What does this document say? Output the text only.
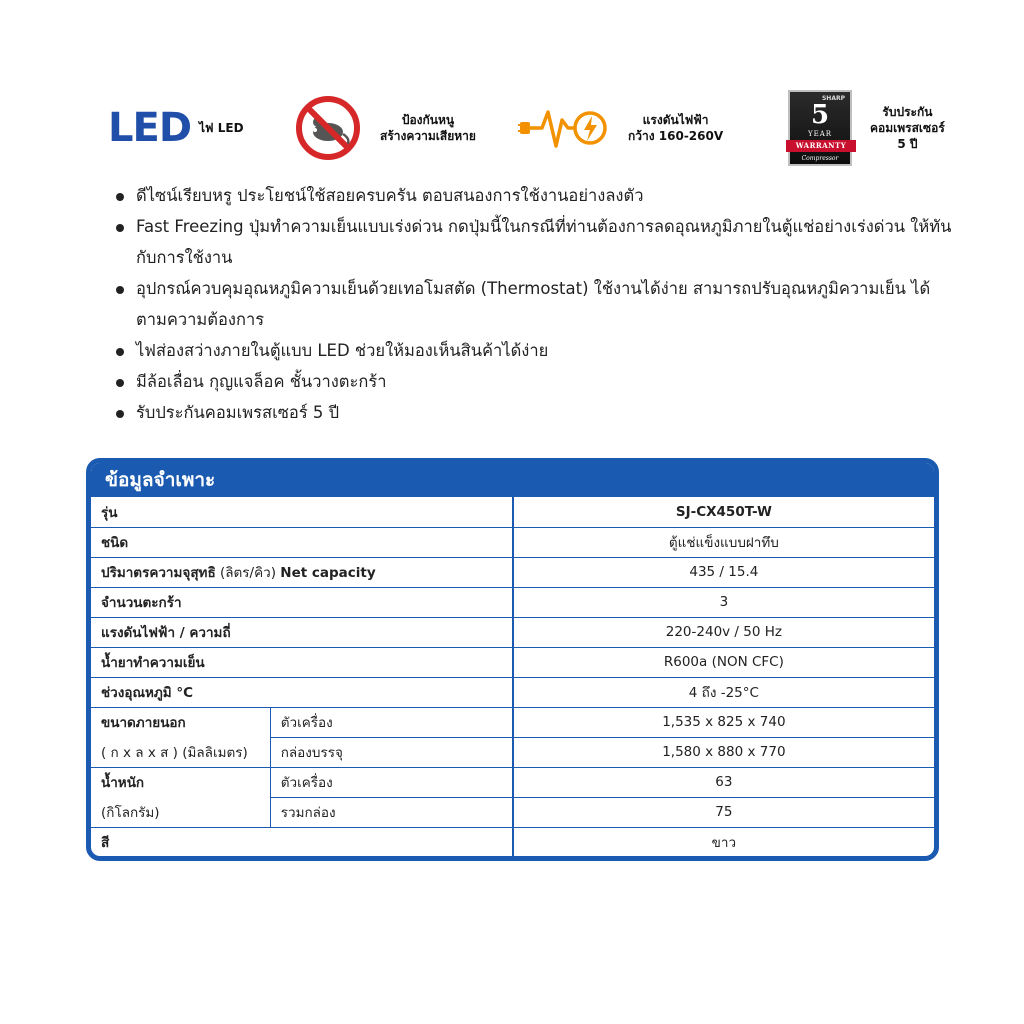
LED ไฟ LED
ป้องกันหนู
สร้างความเสียหาย
แรงดันไฟฟ้า
กว้าง 160-260V
SHARP
5
YEAR
WARRANTY
Compressor
รับประกัน
คอมเพรสเซอร์
5 ปี
ดีไซน์เรียบหรู ประโยชน์ใช้สอยครบครัน ตอบสนองการใช้งานอย่างลงตัว
Fast Freezing ปุ่มทำความเย็นแบบเร่งด่วน กดปุ่มนี้ในกรณีที่ท่านต้องการลดอุณหภูมิภายในตู้แช่อย่างเร่งด่วน ให้ทันกับการใช้งาน
อุปกรณ์ควบคุมอุณหภูมิความเย็นด้วยเทอโมสตัด (Thermostat) ใช้งานได้ง่าย สามารถปรับอุณหภูมิความเย็น ได้ตามความต้องการ
ไฟส่องสว่างภายในตู้แบบ LED ช่วยให้มองเห็นสินค้าได้ง่าย
มีล้อเลื่อน กุญแจล็อค ชั้นวางตะกร้า
รับประกันคอมเพรสเซอร์ 5 ปี
ข้อมูลจำเพาะ
รุ่น		SJ-CX450T-W
ชนิด		ตู้แช่แข็งแบบฝาทึบ
ปริมาตรความจุสุทธิ (ลิตร/คิว) Net capacity		435 / 15.4
จำนวนตะกร้า		3
แรงดันไฟฟ้า / ความถี่		220-240v / 50 Hz
น้ำยาทำความเย็น		R600a (NON CFC)
ช่วงอุณหภูมิ °C		4 ถึง -25°C
ขนาดภายนอก	ตัวเครื่อง	1,535 x 825 x 740
( ก x ล x ส ) (มิลลิเมตร)	กล่องบรรจุ	1,580 x 880 x 770
น้ำหนัก	ตัวเครื่อง	63
(กิโลกรัม)	รวมกล่อง	75
สี		ขาว
